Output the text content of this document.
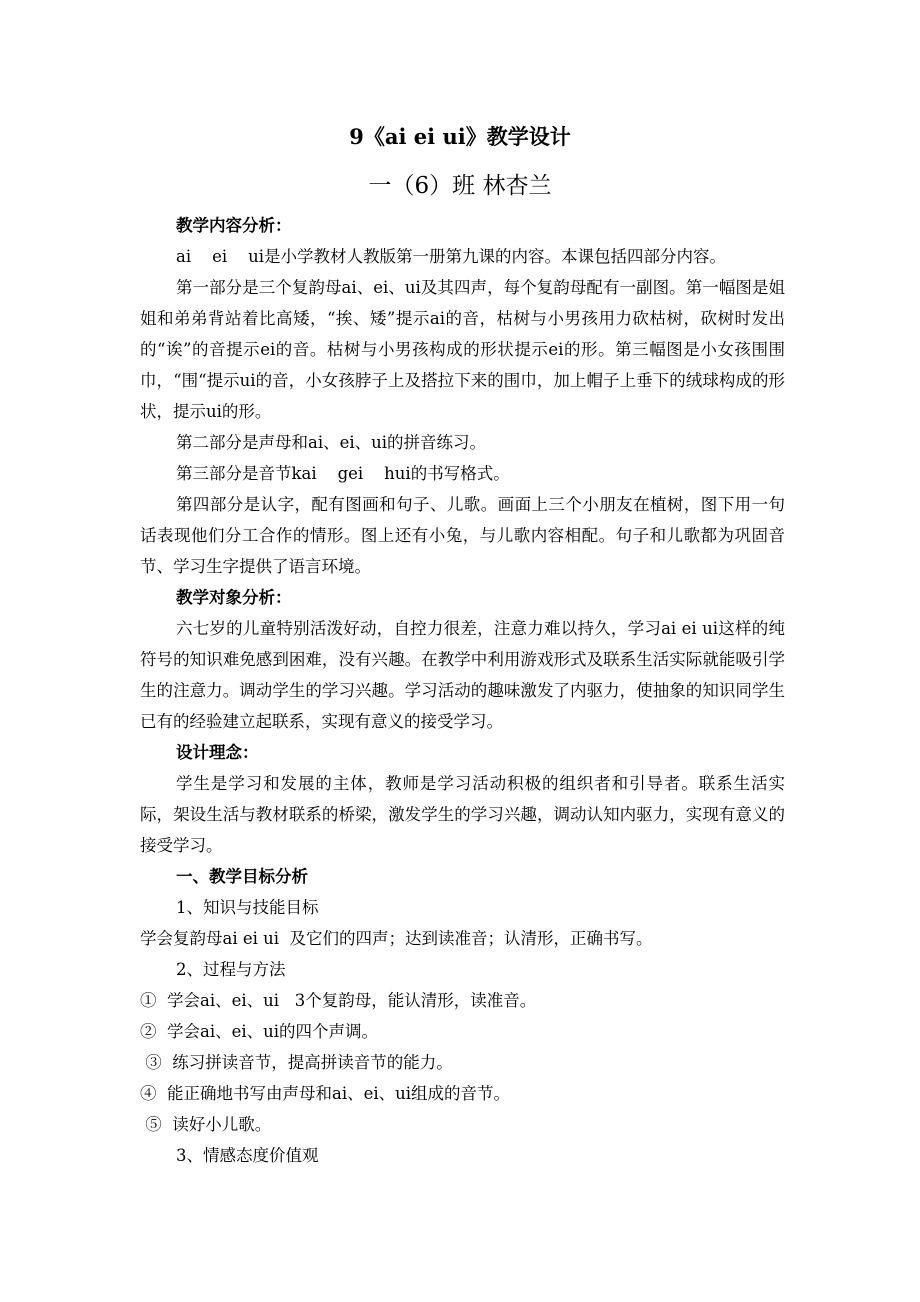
9《ai ei ui》教学设计
一（6）班 林杏兰

教学内容分析：

ai    ei    ui是小学教材人教版第一册第九课的内容。本课包括四部分内容。

第一部分是三个复韵母ai、ei、ui及其四声，每个复韵母配有一副图。第一幅图是姐姐和弟弟背站着比高矮，“挨、矮”提示ai的音，枯树与小男孩用力砍枯树，砍树时发出的“诶”的音提示ei的音。枯树与小男孩构成的形状提示ei的形。第三幅图是小女孩围围巾，“围“提示ui的音，小女孩脖子上及搭拉下来的围巾，加上帽子上垂下的绒球构成的形状，提示ui的形。

第二部分是声母和ai、ei、ui的拼音练习。

第三部分是音节kai    gei    hui的书写格式。

第四部分是认字，配有图画和句子、儿歌。画面上三个小朋友在植树，图下用一句话表现他们分工合作的情形。图上还有小兔，与儿歌内容相配。句子和儿歌都为巩固音节、学习生字提供了语言环境。

教学对象分析：

六七岁的儿童特别活泼好动，自控力很差，注意力难以持久，学习ai ei ui这样的纯符号的知识难免感到困难，没有兴趣。在教学中利用游戏形式及联系生活实际就能吸引学生的注意力。调动学生的学习兴趣。学习活动的趣味激发了内驱力，使抽象的知识同学生已有的经验建立起联系，实现有意义的接受学习。

设计理念：

学生是学习和发展的主体，教师是学习活动积极的组织者和引导者。联系生活实际，架设生活与教材联系的桥梁，激发学生的学习兴趣，调动认知内驱力，实现有意义的接受学习。

一、教学目标分析

1、知识与技能目标

学会复韵母ai ei ui  及它们的四声；达到读准音；认清形，正确书写。

2、过程与方法

①  学会ai、ei、ui   3个复韵母，能认清形，读准音。

②  学会ai、ei、ui的四个声调。

③  练习拼读音节，提高拼读音节的能力。

④  能正确地书写由声母和ai、ei、ui组成的音节。

⑤  读好小儿歌。

3、情感态度价值观
